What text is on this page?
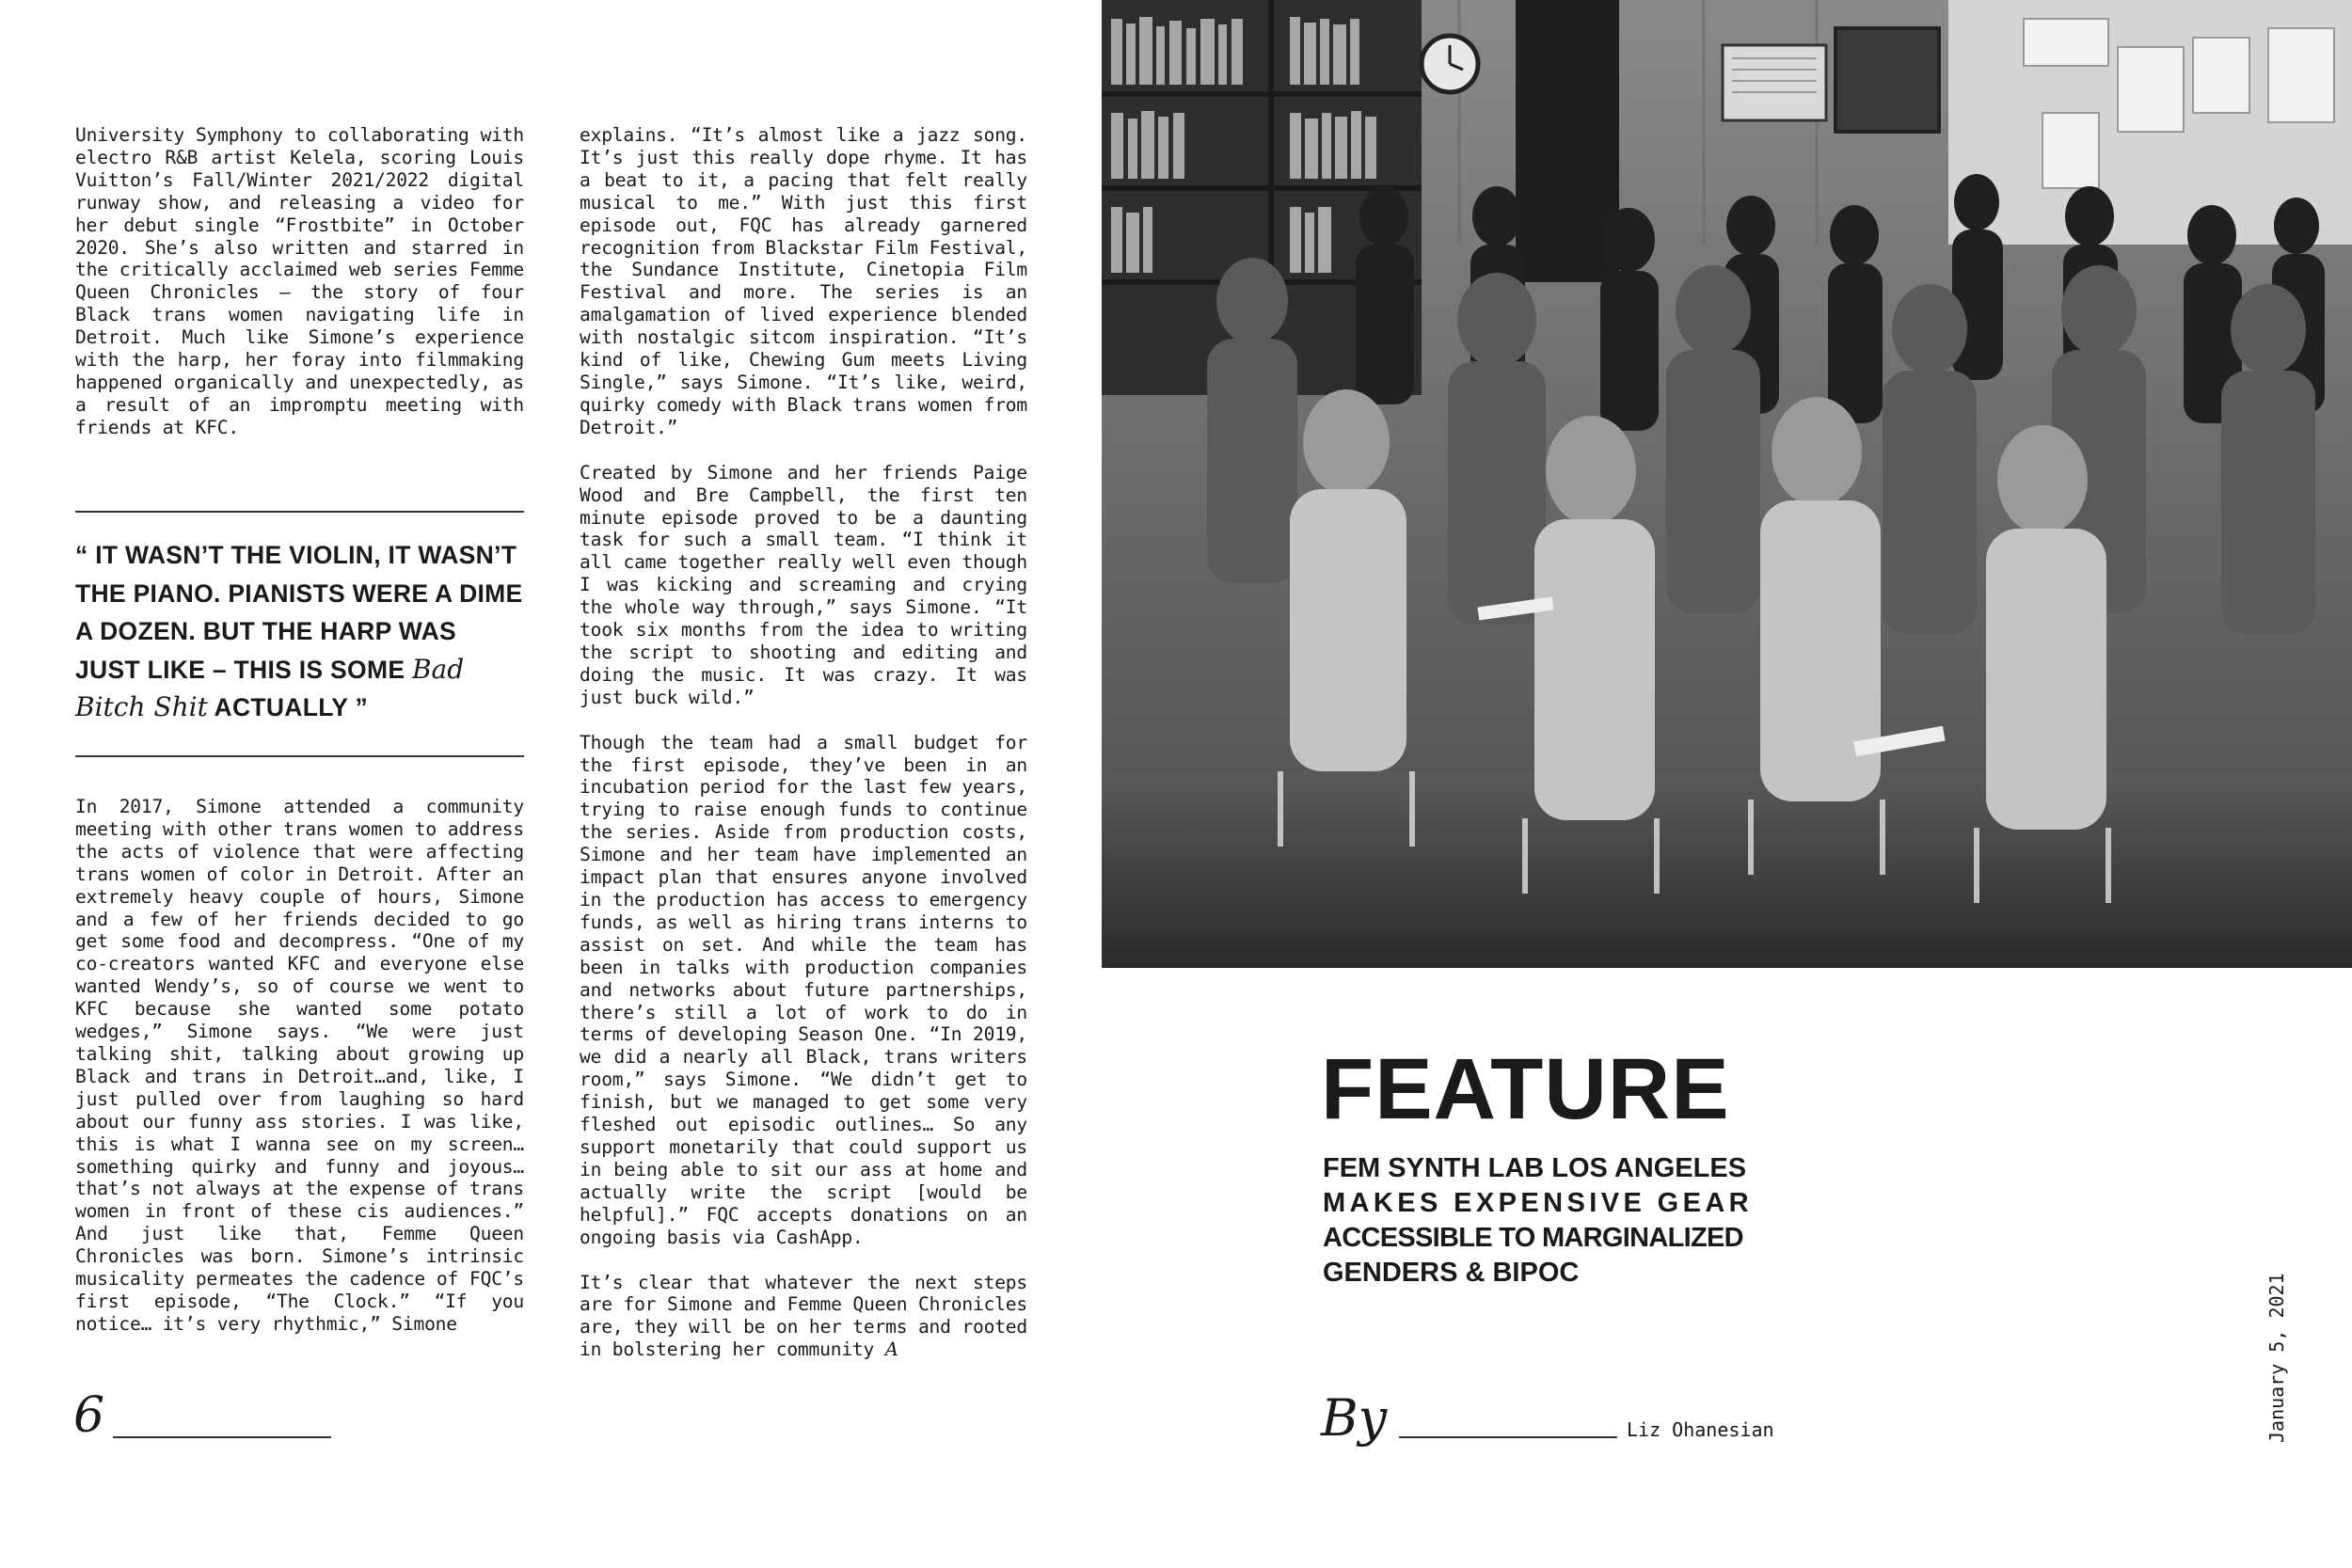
University Symphony to collaborating with electro R&B artist Kelela, scoring Louis Vuitton’s Fall/Winter 2021/2022 digital runway show, and releasing a video for her debut single “Frostbite” in October 2020. She’s also written and starred in the critically acclaimed web series Femme Queen Chronicles – the story of four Black trans women navigating life in Detroit. Much like Simone’s experience with the harp, her foray into filmmaking happened organically and unexpectedly, as a result of an impromptu meeting with friends at KFC.

“ IT WASN’T THE VIOLIN, IT WASN’T THE PIANO. PIANISTS WERE A DIME A DOZEN. BUT THE HARP WAS JUST LIKE – THIS IS SOME Bad Bitch Shit ACTUALLY ”

In 2017, Simone attended a community meeting with other trans women to address the acts of violence that were affecting trans women of color in Detroit. After an extremely heavy couple of hours, Simone and a few of her friends decided to go get some food and decompress. “One of my co-creators wanted KFC and everyone else wanted Wendy’s, so of course we went to KFC because she wanted some potato wedges,” Simone says. “We were just talking shit, talking about growing up Black and trans in Detroit…and, like, I just pulled over from laughing so hard about our funny ass stories. I was like, this is what I wanna see on my screen… something quirky and funny and joyous… that’s not always at the expense of trans women in front of these cis audiences.” And just like that, Femme Queen Chronicles was born. Simone’s intrinsic musicality permeates the cadence of FQC’s first episode, “The Clock.” “If you notice… it’s very rhythmic,” Simone

explains. “It’s almost like a jazz song. It’s just this really dope rhyme. It has a beat to it, a pacing that felt really musical to me.” With just this first episode out, FQC has already garnered recognition from Blackstar Film Festival, the Sundance Institute, Cinetopia Film Festival and more. The series is an amalgamation of lived experience blended with nostalgic sitcom inspiration. “It’s kind of like, Chewing Gum meets Living Single,” says Simone. “It’s like, weird, quirky comedy with Black trans women from Detroit.”

Created by Simone and her friends Paige Wood and Bre Campbell, the first ten minute episode proved to be a daunting task for such a small team. “I think it all came together really well even though I was kicking and screaming and crying the whole way through,” says Simone. “It took six months from the idea to writing the script to shooting and editing and doing the music. It was crazy. It was just buck wild.”

Though the team had a small budget for the first episode, they’ve been in an incubation period for the last few years, trying to raise enough funds to continue the series. Aside from production costs, Simone and her team have implemented an impact plan that ensures anyone involved in the production has access to emergency funds, as well as hiring trans interns to assist on set. And while the team has been in talks with production companies and networks about future partnerships, there’s still a lot of work to do in terms of developing Season One. “In 2019, we did a nearly all Black, trans writers room,” says Simone. “We didn’t get to finish, but we managed to get some very fleshed out episodic outlines… So any support monetarily that could support us in being able to sit our ass at home and actually write the script [would be helpful].” FQC accepts donations on an ongoing basis via CashApp.

It’s clear that whatever the next steps are for Simone and Femme Queen Chronicles are, they will be on her terms and rooted in bolstering her community A

FEATURE
FEM SYNTH LAB LOS ANGELES
MAKES EXPENSIVE GEAR
ACCESSIBLE TO MARGINALIZED
GENDERS & BIPOC
6	By	Liz Ohanesian	January 5, 2021
